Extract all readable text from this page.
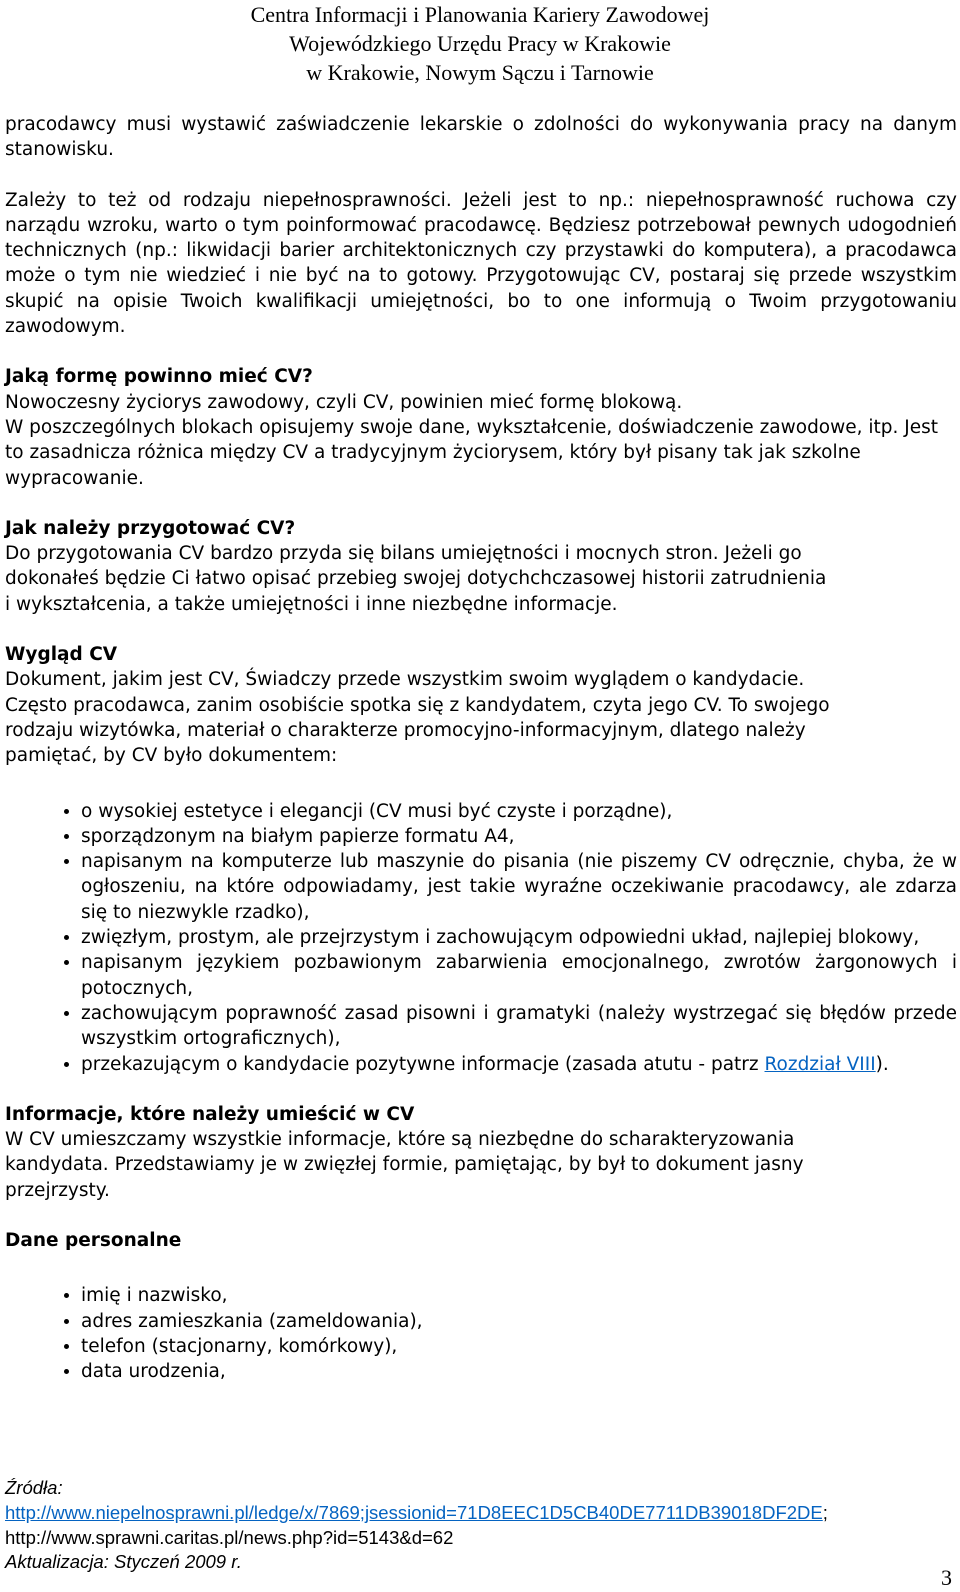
Centra Informacji i Planowania Kariery Zawodowej
Wojewódzkiego Urzędu Pracy w Krakowie
w Krakowie, Nowym Sączu i Tarnowie

pracodawcy musi wystawić zaświadczenie lekarskie o zdolności do wykonywania pracy na danym stanowisku.

Zależy to też od rodzaju niepełnosprawności. Jeżeli jest to np.: niepełnosprawność ruchowa czy narządu wzroku, warto o tym poinformować pracodawcę. Będziesz potrzebował pewnych udogodnień technicznych (np.: likwidacji barier architektonicznych czy przystawki do komputera), a pracodawca może o tym nie wiedzieć i nie być na to gotowy. Przygotowując CV, postaraj się przede wszystkim skupić na opisie Twoich kwalifikacji umiejętności, bo to one informują o Twoim przygotowaniu zawodowym.

Jaką formę powinno mieć CV?

Nowoczesny życiorys zawodowy, czyli CV, powinien mieć formę blokową.

W poszczególnych blokach opisujemy swoje dane, wykształcenie, doświadczenie zawodowe, itp. Jest to zasadnicza różnica między CV a tradycyjnym życiorysem, który był pisany tak jak szkolne wypracowanie.

Jak należy przygotować CV?

Do przygotowania CV bardzo przyda się bilans umiejętności i mocnych stron. Jeżeli go

dokonałeś będzie Ci łatwo opisać przebieg swojej dotychchczasowej historii zatrudnienia

i wykształcenia, a także umiejętności i inne niezbędne informacje.

Wygląd CV

Dokument, jakim jest CV, Świadczy przede wszystkim swoim wyglądem o kandydacie.

Często pracodawca, zanim osobiście spotka się z kandydatem, czyta jego CV. To swojego

rodzaju wizytówka, materiał o charakterze promocyjno-informacyjnym, dlatego należy

pamiętać, by CV było dokumentem:

• o wysokiej estetyce i elegancji (CV musi być czyste i porządne),
• sporządzonym na białym papierze formatu A4,
• napisanym na komputerze lub maszynie do pisania (nie piszemy CV odręcznie, chyba, że w ogłoszeniu, na które odpowiadamy, jest takie wyraźne oczekiwanie pracodawcy, ale zdarza się to niezwykle rzadko),
• zwięzłym, prostym, ale przejrzystym i zachowującym odpowiedni układ, najlepiej blokowy,
• napisanym językiem pozbawionym zabarwienia emocjonalnego, zwrotów żargonowych i potocznych,
• zachowującym poprawność zasad pisowni i gramatyki (należy wystrzegać się błędów przede wszystkim ortograficznych),
• przekazującym o kandydacie pozytywne informacje (zasada atutu - patrz Rozdział VIII).
Informacje, które należy umieścić w CV

W CV umieszczamy wszystkie informacje, które są niezbędne do scharakteryzowania

kandydata. Przedstawiamy je w zwięzłej formie, pamiętając, by był to dokument jasny

przejrzysty.

Dane personalne
• imię i nazwisko,
• adres zamieszkania (zameldowania),
• telefon (stacjonarny, komórkowy),
• data urodzenia,
Źródła:
http://www.niepelnosprawni.pl/ledge/x/7869;jsessionid=71D8EEC1D5CB40DE7711DB39018DF2DE;
http://www.sprawni.caritas.pl/news.php?id=5143&d=62
Aktualizacja: Styczeń 2009 r.
3
